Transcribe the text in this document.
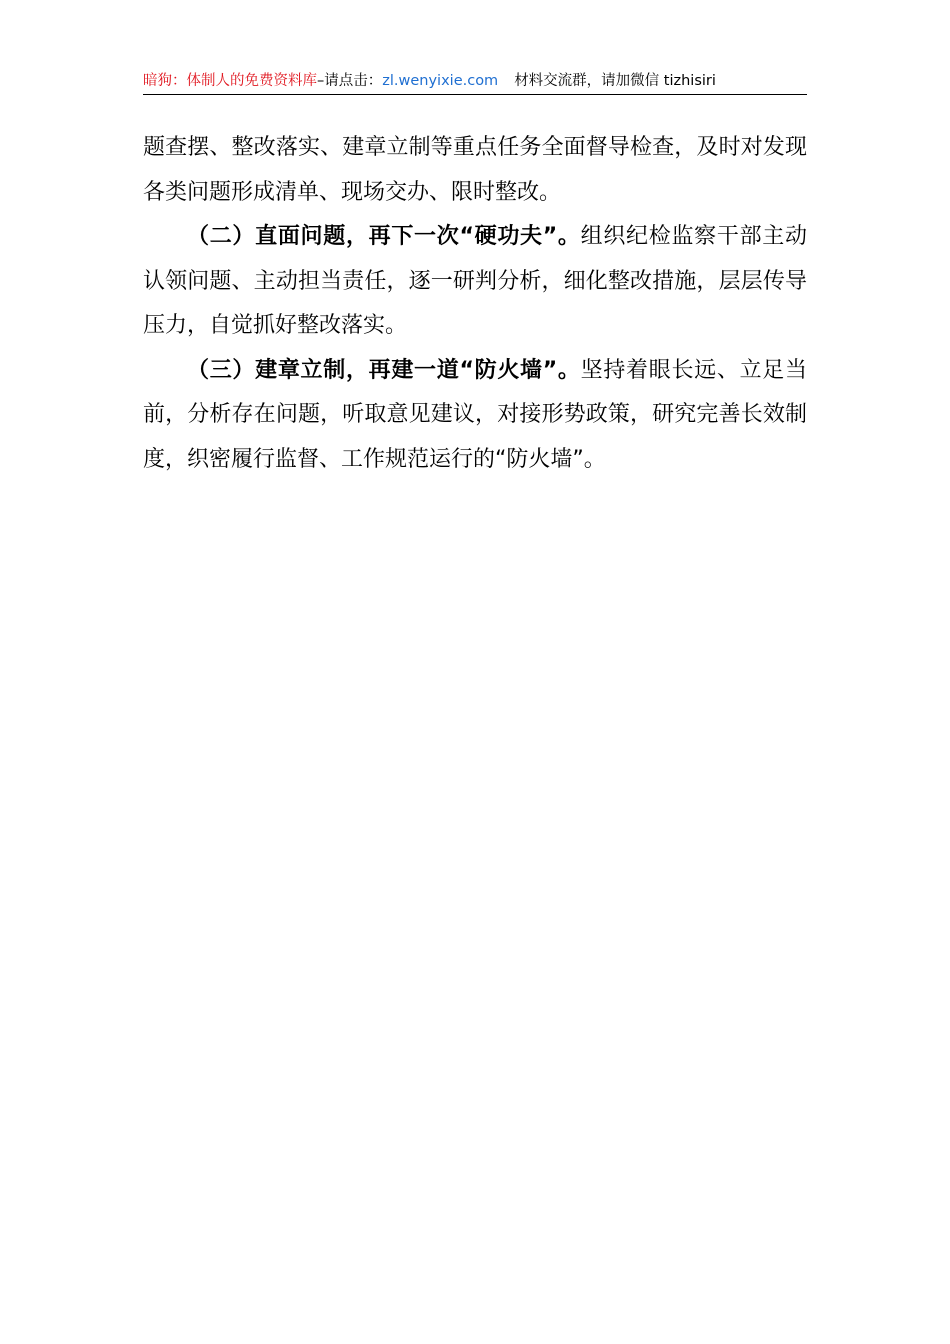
暗狗：体制人的免费资料库–请点击：zl.wenyixie.com 材料交流群，请加微信 tizhisiri

题查摆、整改落实、建章立制等重点任务全面督导检查，及时对发现各类问题形成清单、现场交办、限时整改。

（二）直面问题，再下一次“硬功夫”。组织纪检监察干部主动认领问题、主动担当责任，逐一研判分析，细化整改措施，层层传导压力，自觉抓好整改落实。

（三）建章立制，再建一道“防火墙”。坚持着眼长远、立足当前，分析存在问题，听取意见建议，对接形势政策，研究完善长效制度，织密履行监督、工作规范运行的“防火墙”。
